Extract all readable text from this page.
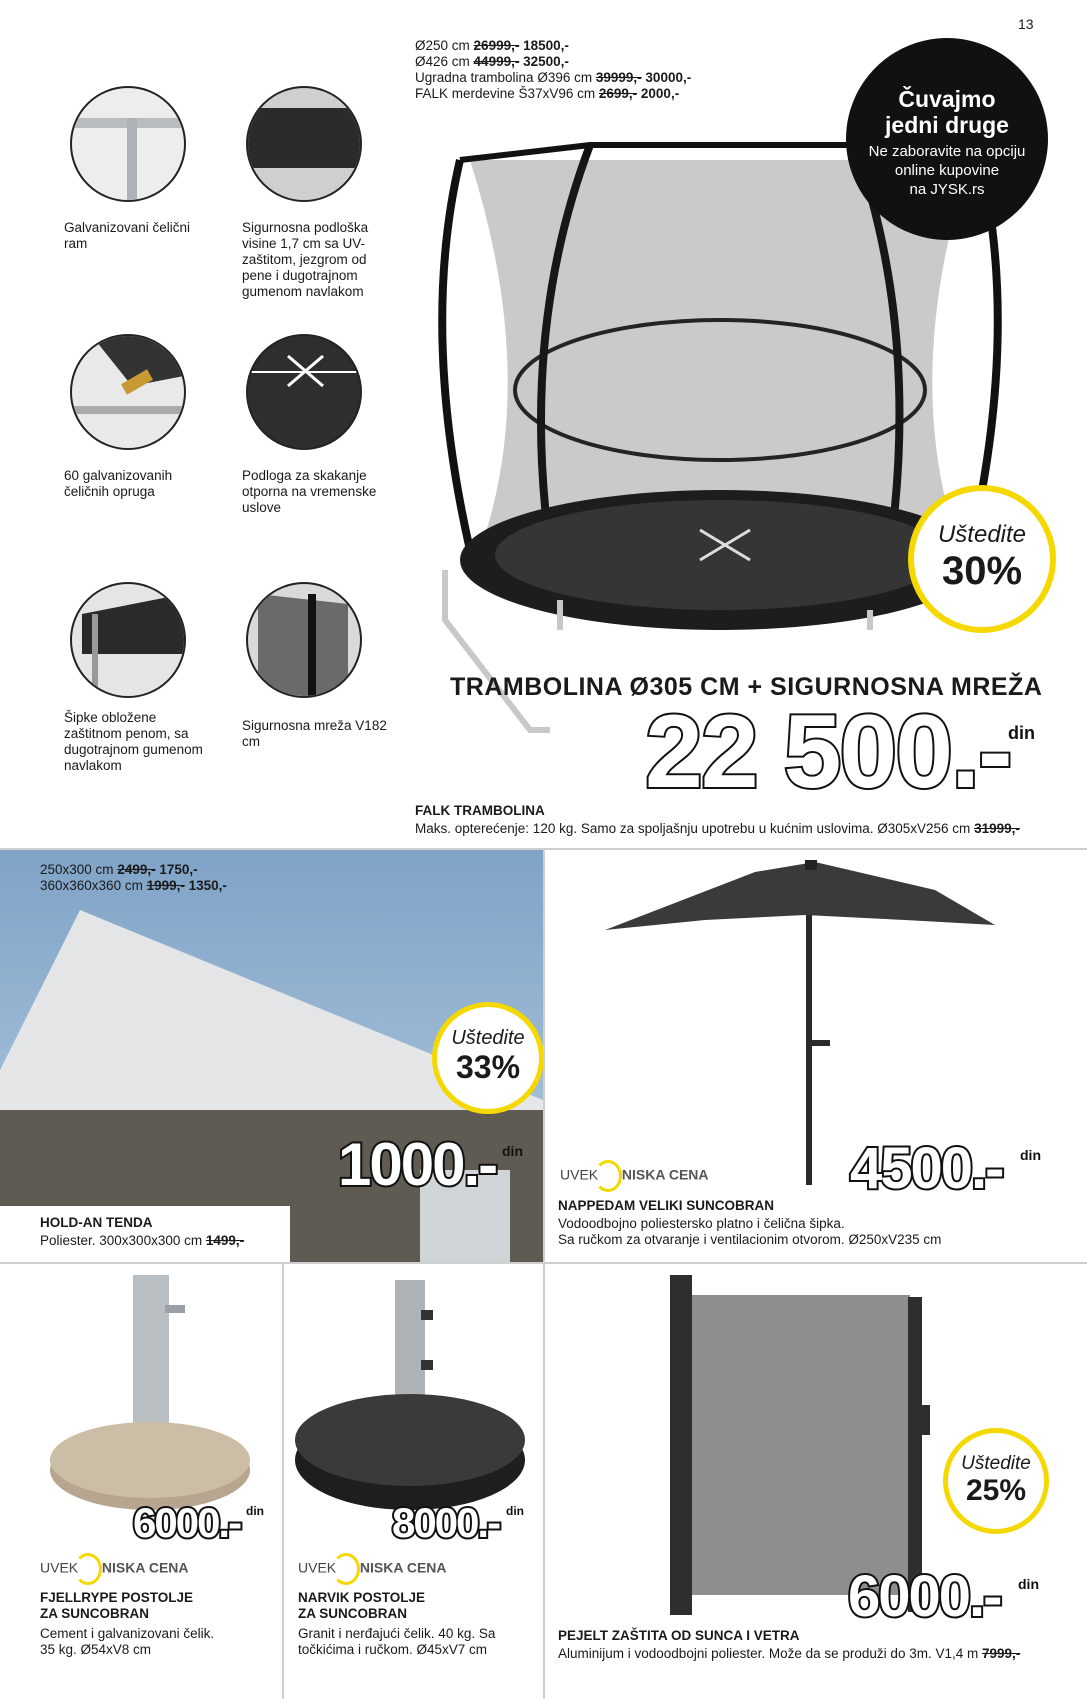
13
Ø250 cm 26999,- 18500,-
Ø426 cm 44999,- 32500,-
Ugradna trambolina Ø396 cm 39999,- 30000,-
FALK merdevine Š37xV96 cm 2699,- 2000,-
Galvanizovani čelični ram
Sigurnosna podloška visine 1,7 cm sa UV-zaštitom, jezgrom od pene i dugotrajnom gumenom navlakom
60 galvanizovanih čeličnih opruga
Podloga za skakanje otporna na vremenske uslove
Šipke obložene zaštitnom penom, sa dugotrajnom gumenom navlakom
Sigurnosna mreža V182 cm
Čuvajmo
jedni druge
Ne zaboravite na opciju
online kupovine
na JYSK.rs
Uštedite
30%
TRAMBOLINA Ø305 CM + SIGURNOSNA MREŽA
22 500.-
din
FALK TRAMBOLINA
Maks. opterećenje: 120 kg. Samo za spoljašnju upotrebu u kućnim uslovima. Ø305xV256 cm 31999,-
250x300 cm 2499,- 1750,-
360x360x360 cm 1999,- 1350,-
Uštedite
33%
1000.- din
HOLD-AN TENDA
Poliester. 300x300x300 cm 1499,-
UVEK NISKA CENA 4500.- din
NAPPEDAM VELIKI SUNCOBRAN
Vodoodbojno poliestersko platno i čelična šipka.
Sa ručkom za otvaranje i ventilacionim otvorom. Ø250xV235 cm
6000.- din
UVEK NISKA CENA
FJELLRYPE POSTOLJE
ZA SUNCOBRAN
Cement i galvanizovani čelik.
35 kg. Ø54xV8 cm
8000.- din
UVEK NISKA CENA
NARVIK POSTOLJE
ZA SUNCOBRAN
Granit i nerđajući čelik. 40 kg. Sa
točkićima i ručkom. Ø45xV7 cm
Uštedite
25%
6000.- din
PEJELT ZAŠTITA OD SUNCA I VETRA
Aluminijum i vodoodbojni poliester. Može da se produži do 3m. V1,4 m 7999,-
